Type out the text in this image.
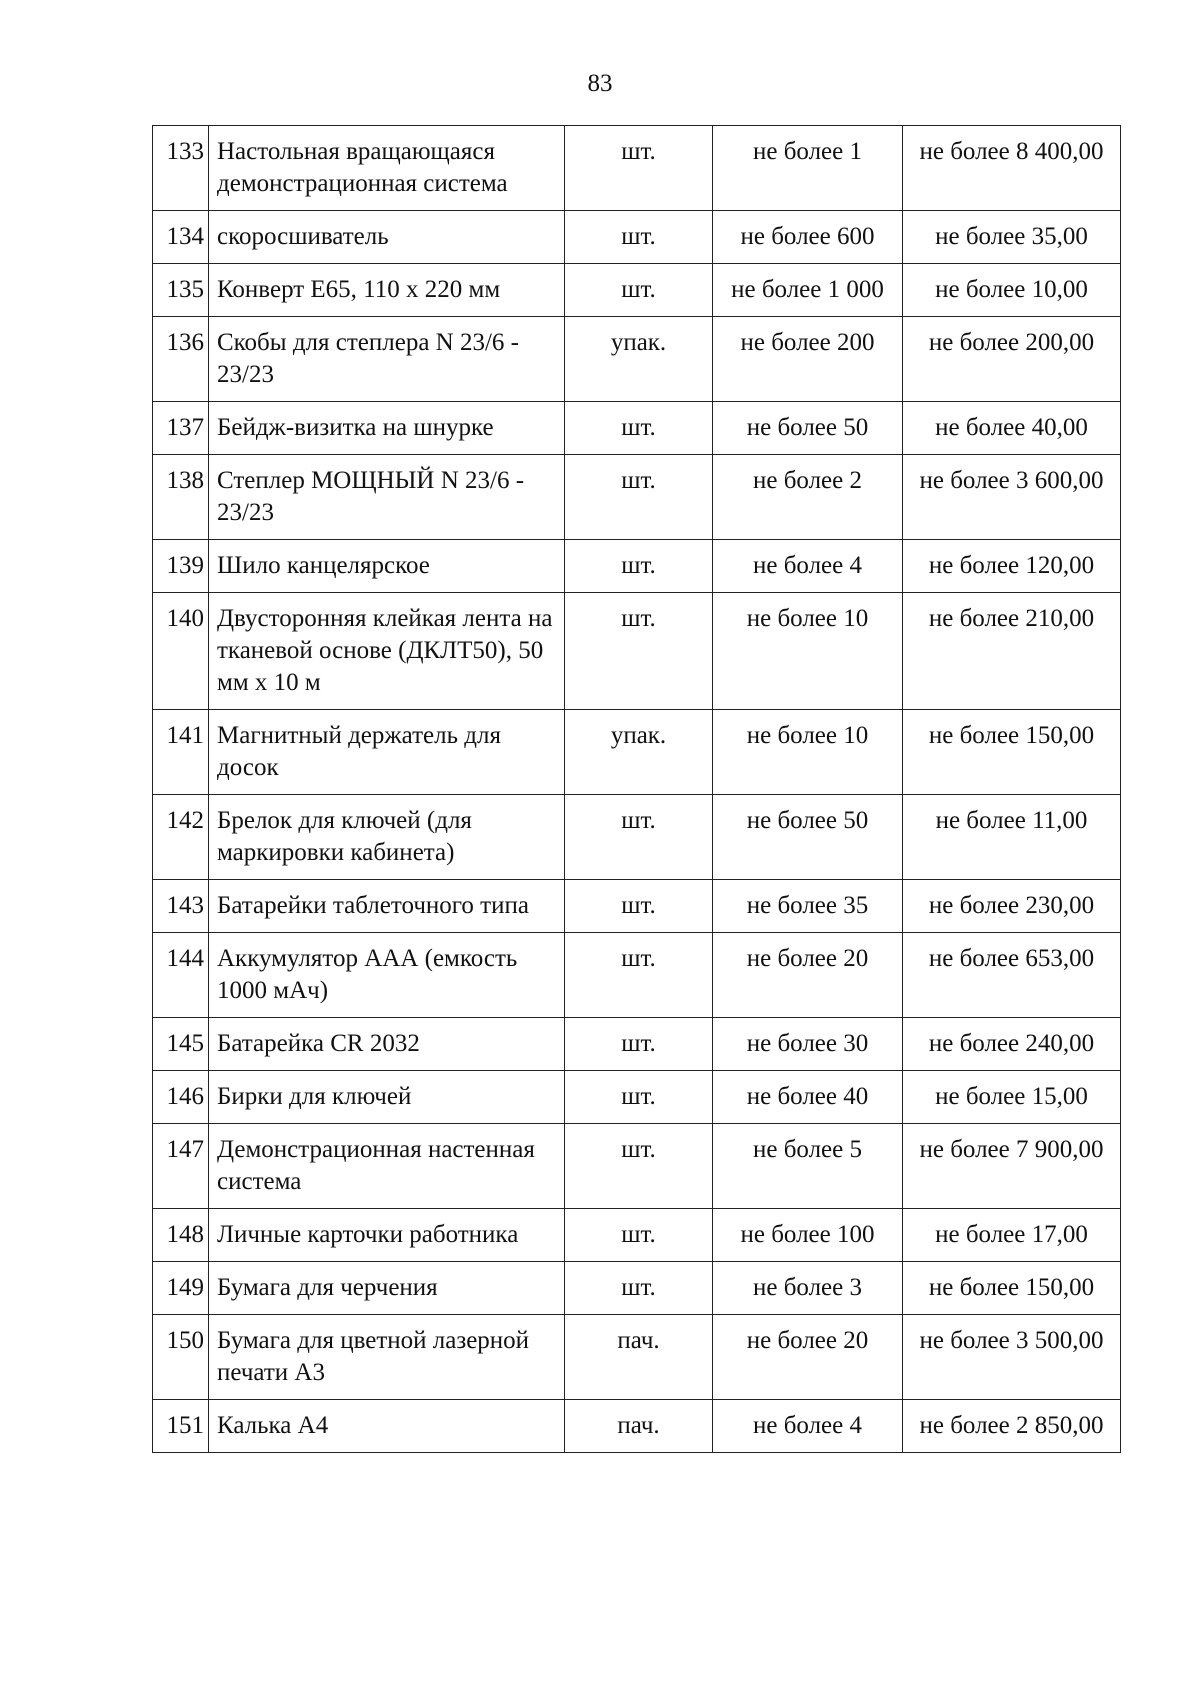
83
133	Настольная вращающаяся демонстрационная система	шт.	не более 1	не более 8 400,00
134	скоросшиватель	шт.	не более 600	не более 35,00
135	Конверт Е65, 110 х 220 мм	шт.	не более 1 000	не более 10,00
136	Скобы для степлера N 23/6 - 23/23	упак.	не более 200	не более 200,00
137	Бейдж-визитка на шнурке	шт.	не более 50	не более 40,00
138	Степлер МОЩНЫЙ N 23/6 - 23/23	шт.	не более 2	не более 3 600,00
139	Шило канцелярское	шт.	не более 4	не более 120,00
140	Двусторонняя клейкая лента на тканевой основе (ДКЛТ50), 50 мм х 10 м	шт.	не более 10	не более 210,00
141	Магнитный держатель для досок	упак.	не более 10	не более 150,00
142	Брелок для ключей (для маркировки кабинета)	шт.	не более 50	не более 11,00
143	Батарейки таблеточного типа	шт.	не более 35	не более 230,00
144	Аккумулятор ААА (емкость 1000 мАч)	шт.	не более 20	не более 653,00
145	Батарейка CR 2032	шт.	не более 30	не более 240,00
146	Бирки для ключей	шт.	не более 40	не более 15,00
147	Демонстрационная настенная система	шт.	не более 5	не более 7 900,00
148	Личные карточки работника	шт.	не более 100	не более 17,00
149	Бумага для черчения	шт.	не более 3	не более 150,00
150	Бумага для цветной лазерной печати А3	пач.	не более 20	не более 3 500,00
151	Калька А4	пач.	не более 4	не более 2 850,00
